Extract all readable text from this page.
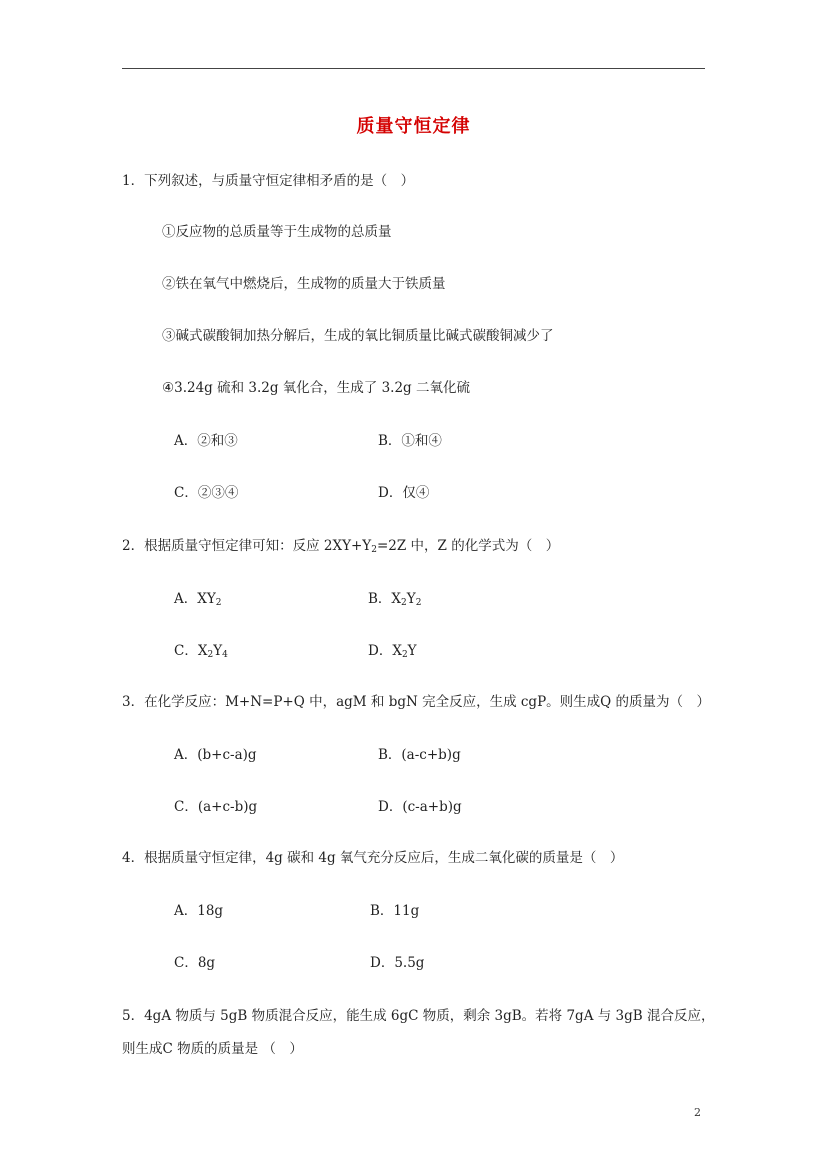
质量守恒定律
1．下列叙述，与质量守恒定律相矛盾的是（　）
①反应物的总质量等于生成物的总质量
②铁在氧气中燃烧后，生成物的质量大于铁质量
③碱式碳酸铜加热分解后，生成的氧比铜质量比碱式碳酸铜减少了
④3.24g 硫和 3.2g 氧化合，生成了 3.2g 二氧化硫
A．②和③	B．①和④
C．②③④	D．仅④
2．根据质量守恒定律可知：反应 $2XY+Y_2=2Z$ 中，Z 的化学式为（　）
A．$XY_2$	B．$X_2Y_2$
C．$X_2Y_4$	D．$X_2Y$
3．在化学反应：M+N=P+Q 中，agM 和 bgN 完全反应，生成 cgP。则生成Q 的质量为（　）
A．(b+c-a)g	B．(a-c+b)g
C．(a+c-b)g	D．(c-a+b)g
4．根据质量守恒定律，4g 碳和 4g 氧气充分反应后，生成二氧化碳的质量是（　）
A．18g	B．11g
C．8g	D．5.5g
5．4gA 物质与 5gB 物质混合反应，能生成 6gC 物质，剩余 3gB。若将 7gA 与 3gB 混合反应，
则生成C 物质的质量是 （　）
2
